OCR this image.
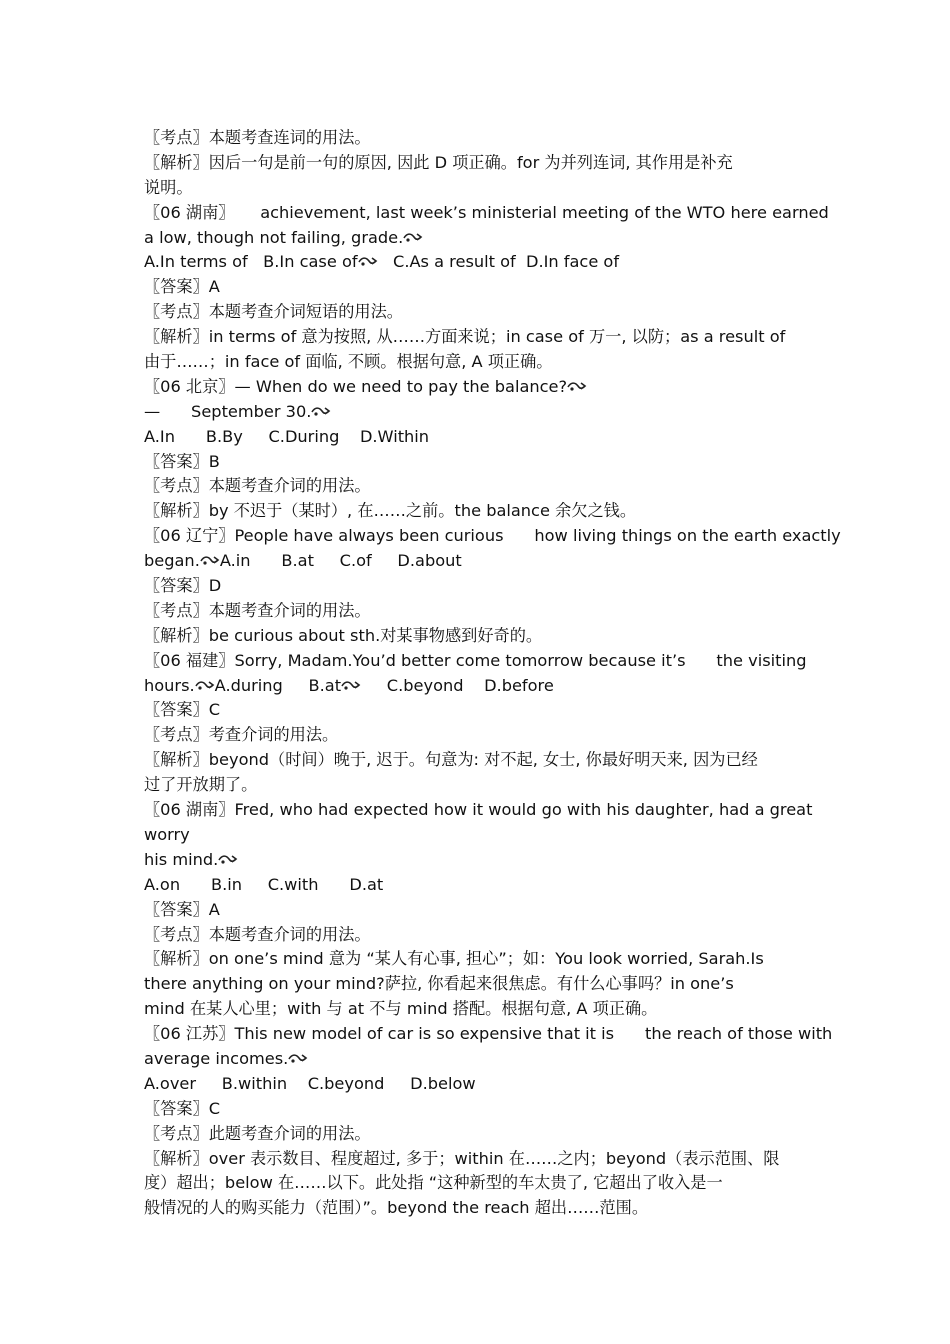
〖考点〗本题考查连词的用法。
〖解析〗因后一句是前一句的原因, 因此 D 项正确。for 为并列连词, 其作用是补充
说明。
〖06 湖南〗     achievement, last week’s ministerial meeting of the WTO here earned
a low, though not failing, grade.
A.In terms of   B.In case of   C.As a result of  D.In face of
〖答案〗A
〖考点〗本题考查介词短语的用法。
〖解析〗in terms of 意为按照, 从……方面来说；in case of 万一, 以防；as a result of
由于……；in face of 面临, 不顾。根据句意, A 项正确。
〖06 北京〗— When do we need to pay the balance?
—      September 30.
A.In      B.By     C.During    D.Within
〖答案〗B
〖考点〗本题考查介词的用法。
〖解析〗by 不迟于（某时）, 在……之前。the balance 余欠之钱。
〖06 辽宁〗People have always been curious      how living things on the earth exactly
began. A.in      B.at     C.of     D.about
〖答案〗D
〖考点〗本题考查介词的用法。
〖解析〗be curious about sth.对某事物感到好奇的。
〖06 福建〗Sorry, Madam.You’d better come tomorrow because it’s      the visiting
hours. A.during     B.at     C.beyond    D.before
〖答案〗C
〖考点〗考查介词的用法。
〖解析〗beyond（时间）晚于, 迟于。句意为: 对不起, 女士, 你最好明天来, 因为已经
过了开放期了。
〖06 湖南〗Fred, who had expected how it would go with his daughter, had a great
worry
his mind.
A.on      B.in     C.with      D.at
〖答案〗A
〖考点〗本题考查介词的用法。
〖解析〗on one’s mind 意为 “某人有心事, 担心”；如：You look worried, Sarah.Is
there anything on your mind?萨拉, 你看起来很焦虑。有什么心事吗？in one’s
mind 在某人心里；with 与 at 不与 mind 搭配。根据句意, A 项正确。
〖06 江苏〗This new model of car is so expensive that it is      the reach of those with
average incomes.
A.over     B.within    C.beyond     D.below
〖答案〗C
〖考点〗此题考查介词的用法。
〖解析〗over 表示数目、程度超过, 多于；within 在……之内；beyond（表示范围、限
度）超出；below 在……以下。此处指 “这种新型的车太贵了, 它超出了收入是一
般情况的人的购买能力（范围）”。beyond the reach 超出……范围。
